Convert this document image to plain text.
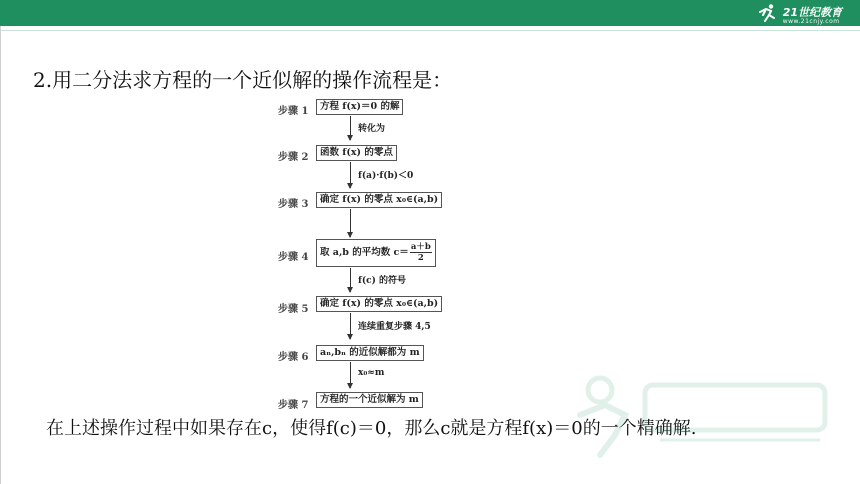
21世纪教育
www.21cnjy.com
2.用二分法求方程的一个近似解的操作流程是：
步骤 1	方程 f(x)＝0 的解
转化为
步骤 2	函数 f(x) 的零点
f(a)·f(b)＜0
步骤 3	确定 f(x) 的零点 x₀∈(a,b)
步骤 4	取 a,b 的平均数 $c= \frac{a+b}{2}$
f(c) 的符号
步骤 5
确定 f(x) 的零点 x₀∈(a,b)
连续重复步骤 4,5
步骤 6	aₙ,bₙ 的近似解都为 m
x₀≈m
步骤 7
方程的一个近似解为 m
在上述操作过程中如果存在c，使得f(c)＝0，那么c就是方程f(x)＝0的一个精确解.
